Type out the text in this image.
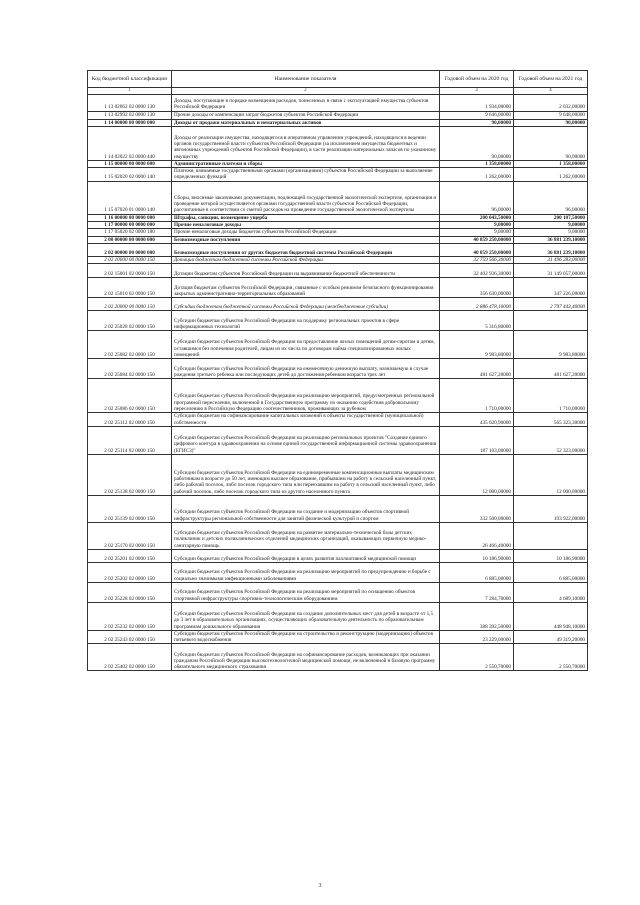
Код бюджетной классификации	Наименование показателя	Годовой объем на 2020 год	Годовой объем на 2021 год
1	2	3	4
1 13 02062 02 0000 130	Доходы, поступающие в порядке возмещения расходов, понесенных в связи с эксплуатацией имущества субъектов Российской Федерации	1 934,00000	2 032,00000
1 13 02992 02 0000 130	Прочие доходы от компенсации затрат бюджетов субъектов Российской Федерации	9 646,00000	9 648,00000
1 14 00000 00 0000 000	Доходы от продажи материальных и нематериальных активов	90,00000	90,00000
1 14 02022 02 0000 440	Доходы от реализации имущества, находящегося в оперативном управлении учреждений, находящихся в ведении органов государственной власти субъектов Российской Федерации (за исключением имущества бюджетных и автономных учреждений субъектов Российской Федерации), в части реализации материальных запасов по указанному имуществу	90,00000	90,00000
1 15 00000 00 0000 000	Административные платежи и сборы	1 358,00000	1 358,00000
1 15 02020 02 0000 140	Платежи, взимаемые государственными органами (организациями) субъектов Российской Федерации за выполнение определенных функций	1 262,00000	1 262,00000
1 15 07020 01 0000 140	Сборы, вносимые заказчиками документации, подлежащей государственной экологической экспертизе, организация и проведение которой осуществляется органами государственной власти субъектов Российской Федерации, рассчитанные в соответствии со сметой расходов на проведение государственной экологической экспертизы	96,00000	96,00000
1 16 00000 00 0000 000	Штрафы, санкции, возмещение ущерба	200 043,50000	200 107,50000
1 17 00000 00 0000 000	Прочие неналоговые доходы	9,00000	9,00000
1 17 05020 02 0000 180	Прочие неналоговые доходы бюджетов субъектов Российской Федерации	9,00000	9,00000
2 00 00000 00 0000 000	Безвозмездные поступления	40 859 250,00000	36 881 239,10000
2 02 00000 00 0000 000	Безвозмездные поступления от других бюджетов бюджетной системы Российской Федерации	40 859 250,00000	36 881 239,10000
2 02 10000 00 0000 150	Дотации бюджетам бюджетной системы Российской Федерации	32 759 566,30000	31 496 283,00000
2 02 15001 02 0000 150	Дотации бюджетам субъектов Российской Федерации на выравнивание бюджетной обеспеченности	32 402 936,30000	31 149 057,00000
2 02 15010 02 0000 150	Дотация бюджетам субъектов Российской Федерации, связанные с особым режимом безопасного функционирования закрытых административно-территориальных образований	356 630,00000	347 226,00000
2 02 20000 00 0000 150	Субсидии бюджетам бюджетной системы Российской Федерации (межбюджетные субсидии)	2 886 478,10000	2 797 443,40000
2 02 25028 02 0000 150	Субсидии бюджетам субъектов Российской Федерации на поддержку региональных проектов в сфере информационных технологий	5 316,80000	
2 02 25082 02 0000 150	Субсидии бюджетам субъектов Российской Федерации на предоставление жилых помещений детям-сиротам и детям, оставшимся без попечения родителей, лицам из их числа по договорам найма специализированных жилых помещений	9 983,80000	9 983,80000
2 02 25084 02 0000 150	Субсидии бюджетам субъектов Российской Федерации на ежемесячную денежную выплату, назначаемую в случае рождения третьего ребенка или последующих детей до достижения ребенком возраста трех лет	481 627,20000	481 627,20000
2 02 25086 02 0000 150	Субсидии бюджетам субъектов Российской Федерации на реализацию мероприятий, предусмотренных региональной программой переселения, включенной в Государственную программу по оказанию содействия добровольному переселению в Российскую Федерацию соотечественников, проживающих за рубежом	1 710,00000	1 710,00000
2 02 25112 02 0000 150	Субсидии бюджетам на софинансирование капитальных вложений в объекты государственной (муниципальной) собственности	435 620,90000	565 323,30000
2 02 25114 02 0000 150	Субсидии бюджетам субъектов Российской Федерации на реализацию региональных проектов "Создание единого цифрового контура в здравоохранении на основе единой государственной информационной системы здравоохранения (ЕГИСЗ)"	187 103,00000	52 323,00000
2 02 25138 02 0000 150	Субсидии бюджетам субъектов Российской Федерации на единовременные компенсационные выплаты медицинским работникам в возрасте до 50 лет, имеющим высшее образование, прибывшим на работу в сельский населенный пункт, либо рабочий поселок, либо поселок городского типа или переехавшим на работу в сельский населенный пункт, либо рабочий поселок, либо поселок городского типа из другого населенного пункта	12 000,00000	12 000,00000
2 02 25139 02 0000 150	Субсидии бюджетам субъектов Российской Федерации на создание и модернизацию объектов спортивной инфраструктуры региональной собственности для занятий физической культурой и спортом	332 500,00000	193 922,00000
2 02 25170 02 0000 150	Субсидии бюджетам субъектов Российской Федерации на развитие материально-технической базы детских поликлиник и детских поликлинических отделений медицинских организаций, оказывающих первичную медико-санитарную помощь	26 466,40000	
2 02 25201 02 0000 150	Субсидии бюджетам субъектов Российской Федерации в целях развития паллиативной медицинской помощи	10 186,90000	10 186,90000
2 02 25202 02 0000 150	Субсидии бюджетам субъектов Российской Федерации на реализацию мероприятий по предупреждению и борьбе с социально значимыми инфекционными заболеваниями	6 885,00000	6 885,00000
2 02 25228 02 0000 150	Субсидии бюджетам субъектов Российской Федерации на реализацию мероприятий по оснащению объектов спортивной инфраструктуры спортивно-технологическим оборудованием	7 284,70000	4 689,10000
2 02 25232 02 0000 150	Субсидии бюджетам субъектов Российской Федерации на создание дополнительных мест для детей в возрасте от 1,5 до 3 лет в образовательных организациях, осуществляющих образовательную деятельность по образовательным программам дошкольного образования	388 392,50000	448 948,10000
2 02 25243 02 0000 150	Субсидии бюджетам субъектов Российской Федерации на строительство и реконструкцию (модернизацию) объектов питьевого водоснабжения	23 229,00000	49 319,20000
2 02 25402 02 0000 150	Субсидии бюджетам субъектов Российской Федерации на софинансирование расходов, возникающих при оказании гражданам Российской Федерации высокотехнологичной медицинской помощи, не включенной в базовую программу обязательного медицинского страхования	2 550,70000	2 550,70000
3
